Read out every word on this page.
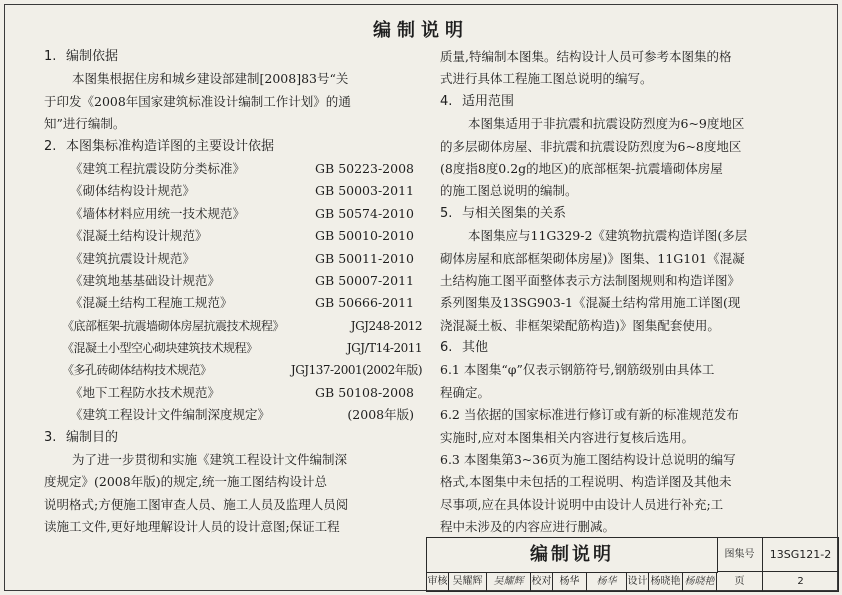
编制说明
1. 编制依据
本图集根据住房和城乡建设部建制[2008]83号“关
于印发《2008年国家建筑标准设计编制工作计划》的通
知”进行编制。
2. 本图集标准构造详图的主要设计依据
《建筑工程抗震设防分类标准》	GB 50223-2008
《砌体结构设计规范》	GB 50003-2011
《墙体材料应用统一技术规范》	GB 50574-2010
《混凝土结构设计规范》	GB 50010-2010
《建筑抗震设计规范》	GB 50011-2010
《建筑地基基础设计规范》	GB 50007-2011
《混凝土结构工程施工规范》	GB 50666-2011
《底部框架-抗震墙砌体房屋抗震技术规程》	JGJ248-2012
《混凝土小型空心砌块建筑技术规程》	JGJ/T14-2011
《多孔砖砌体结构技术规范》	JGJ137-2001(2002年版)
《地下工程防水技术规范》	GB 50108-2008
《建筑工程设计文件编制深度规定》	(2008年版)
3. 编制目的
为了进一步贯彻和实施《建筑工程设计文件编制深
度规定》(2008年版)的规定,统一施工图结构设计总
说明格式;方便施工图审查人员、施工人员及监理人员阅
读施工文件,更好地理解设计人员的设计意图;保证工程
质量,特编制本图集。结构设计人员可参考本图集的格
式进行具体工程施工图总说明的编写。
4. 适用范围
本图集适用于非抗震和抗震设防烈度为6~9度地区
的多层砌体房屋、非抗震和抗震设防烈度为6~8度地区
(8度指8度0.2g的地区)的底部框架-抗震墙砌体房屋
的施工图总说明的编制。
5. 与相关图集的关系
本图集应与11G329-2《建筑物抗震构造详图(多层
砌体房屋和底部框架砌体房屋)》图集、11G101《混凝
土结构施工图平面整体表示方法制图规则和构造详图》
系列图集及13SG903-1《混凝土结构常用施工详图(现
浇混凝土板、非框架梁配筋构造)》图集配套使用。
6. 其他
6.1 本图集“φ”仅表示钢筋符号,钢筋级别由具体工
程确定。
6.2 当依据的国家标准进行修订或有新的标准规范发布
实施时,应对本图集相关内容进行复核后选用。
6.3 本图集第3~36页为施工图结构设计总说明的编写
格式,本图集中未包括的工程说明、构造详图及其他未
尽事项,应在具体设计说明中由设计人员进行补充;工
程中未涉及的内容应进行删减。
编制说明	图集号	13SG121-2
审核 吴耀辉	吴耀辉 校对 杨华	杨华	设计 杨晓艳 杨晓艳	页	2
